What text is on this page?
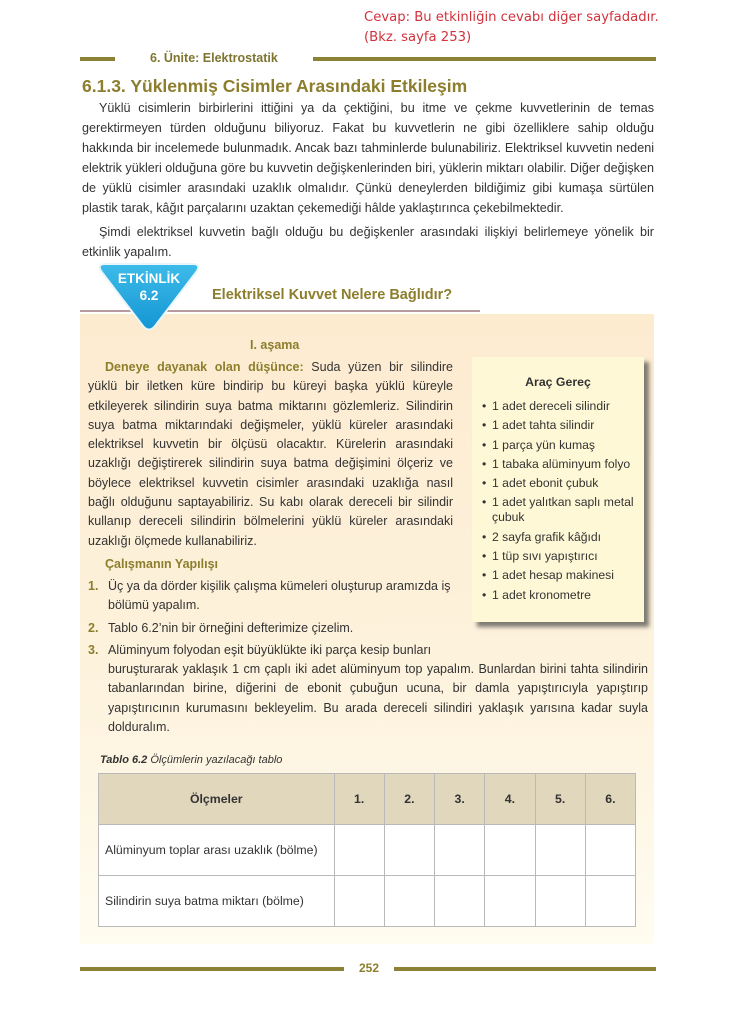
Cevap: Bu etkinliğin cevabı diğer sayfadadır. (Bkz. sayfa 253)
6. Ünite: Elektrostatik
6.1.3. Yüklenmiş Cisimler Arasındaki Etkileşim

Yüklü cisimlerin birbirlerini ittiğini ya da çektiğini, bu itme ve çekme kuvvetlerinin de temas gerektirmeyen türden olduğunu biliyoruz. Fakat bu kuvvetlerin ne gibi özelliklere sahip olduğu hakkında bir incelemede bulunmadık. Ancak bazı tahminlerde bulunabiliriz. Elektriksel kuvvetin nedeni elektrik yükleri olduğuna göre bu kuvvetin değişkenlerinden biri, yüklerin miktarı olabilir. Diğer değişken de yüklü cisimler arasındaki uzaklık olmalıdır. Çünkü deneylerden bildiğimiz gibi kumaşa sürtülen plastik tarak, kâğıt parçalarını uzaktan çekemediği hâlde yaklaştırınca çekebilmektedir.

Şimdi elektriksel kuvvetin bağlı olduğu bu değişkenler arasındaki ilişkiyi belirlemeye yönelik bir etkinlik yapalım.

ETKİNLİK
6.2	Elektriksel Kuvvet Nelere Bağlıdır?
I. aşama

Deneye dayanak olan düşünce: Suda yüzen bir silindire yüklü bir iletken küre bindirip bu küreyi başka yüklü küreyle etkileyerek silindirin suya batma miktarını gözlemleriz. Silindirin suya batma miktarındaki değişmeler, yüklü küreler arasındaki elektriksel kuvvetin bir ölçüsü olacaktır. Kürelerin arasındaki uzaklığı değiştirerek silindirin suya batma değişimini ölçeriz ve böylece elektriksel kuvvetin cisimler arasındaki uzaklığa nasıl bağlı olduğunu saptayabiliriz. Su kabı olarak dereceli bir silindir kullanıp dereceli silindirin bölmelerini yüklü küreler arasındaki uzaklığı ölçmede kullanabiliriz.

Araç Gereç
• 1 adet dereceli silindir
• 1 adet tahta silindir
• 1 parça yün kumaş
• 1 tabaka alüminyum folyo
• 1 adet ebonit çubuk
• 1 adet yalıtkan saplı metal çubuk
• 2 sayfa grafik kâğıdı
• 1 tüp sıvı yapıştırıcı
• 1 adet hesap makinesi
• 1 adet kronometre
Çalışmanın Yapılışı
1. Üç ya da dörder kişilik çalışma kümeleri oluşturup aramızda iş bölümü yapalım.
2. Tablo 6.2’nin bir örneğini defterimize çizelim.
3. Alüminyum folyodan eşit büyüklükte iki parça kesip bunları
buruşturarak yaklaşık 1 cm çaplı iki adet alüminyum top yapalım. Bunlardan birini tahta silindirin tabanlarından birine, diğerini de ebonit çubuğun ucuna, bir damla yapıştırıcıyla yapıştırıp yapıştırıcının kurumasını bekleyelim. Bu arada dereceli silindiri yaklaşık yarısına kadar suyla dolduralım.
Tablo 6.2 Ölçümlerin yazılacağı tablo
Ölçmeler	1.	2.	3.	4.	5.	6.
Alüminyum toplar arası uzaklık (bölme)						
Silindirin suya batma miktarı (bölme)						
252
